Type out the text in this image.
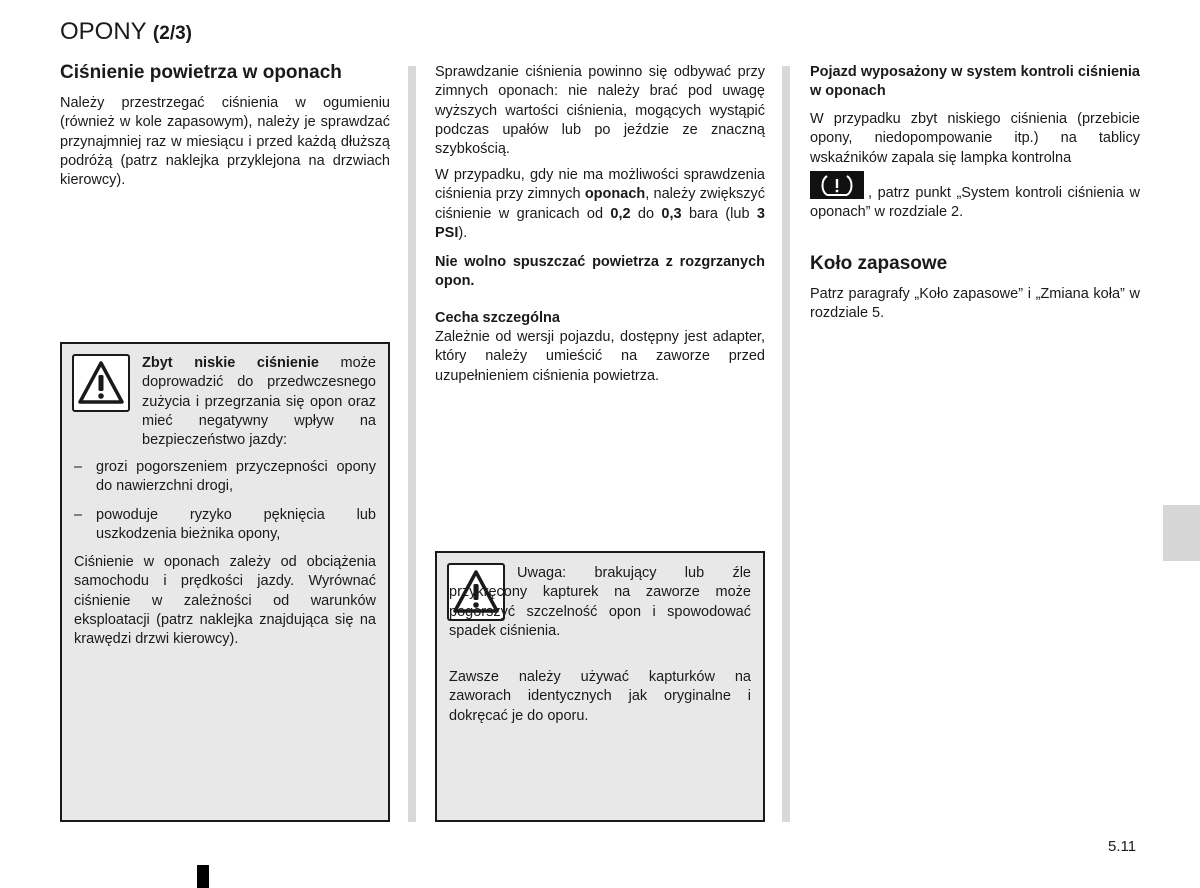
OPONY (2/3)
Ciśnienie powietrza w oponach

Należy przestrzegać ciśnienia w ogumieniu (również w kole zapasowym), należy je sprawdzać przynajmniej raz w miesiącu i przed każdą dłuższą podróżą (patrz naklejka przyklejona na drzwiach kierowcy).

Zbyt niskie ciśnienie może doprowadzić do przedwczesnego zużycia i przegrzania się opon oraz mieć negatywny wpływ na bezpieczeństwo jazdy:

– grozi pogorszeniem przyczepności opony do nawierzchni drogi,
– powoduje ryzyko pęknięcia lub uszkodzenia bieżnika opony,

Ciśnienie w oponach zależy od obciążenia samochodu i prędkości jazdy. Wyrównać ciśnienie w zależności od warunków eksploatacji (patrz naklejka znajdująca się na krawędzi drzwi kierowcy).

Sprawdzanie ciśnienia powinno się odbywać przy zimnych oponach: nie należy brać pod uwagę wyższych wartości ciśnienia, mogących wystąpić podczas upałów lub po jeździe ze znaczną szybkością.

W przypadku, gdy nie ma możliwości sprawdzenia ciśnienia przy zimnych oponach, należy zwiększyć ciśnienie w granicach od 0,2 do 0,3 bara (lub 3 PSI).

Nie wolno spuszczać powietrza z rozgrzanych opon.

Cecha szczególna

Zależnie od wersji pojazdu, dostępny jest adapter, który należy umieścić na zaworze przed uzupełnieniem ciśnienia powietrza.

Uwaga: brakujący lub źle przykręcony kapturek na zaworze może pogorszyć szczelność opon i spowodować spadek ciśnienia.

Zawsze należy używać kapturków na zaworach identycznych jak oryginalne i dokręcać je do oporu.

Pojazd wyposażony w system kontroli ciśnienia w oponach

W przypadku zbyt niskiego ciśnienia (przebicie opony, niedopompowanie itp.) na tablicy wskaźników zapala się lampka kontrolna

, patrz punkt „System kontroli ciśnienia w oponach” w rozdziale 2.

Koło zapasowe

Patrz paragrafy „Koło zapasowe” i „Zmiana koła” w rozdziale 5.

5.11
